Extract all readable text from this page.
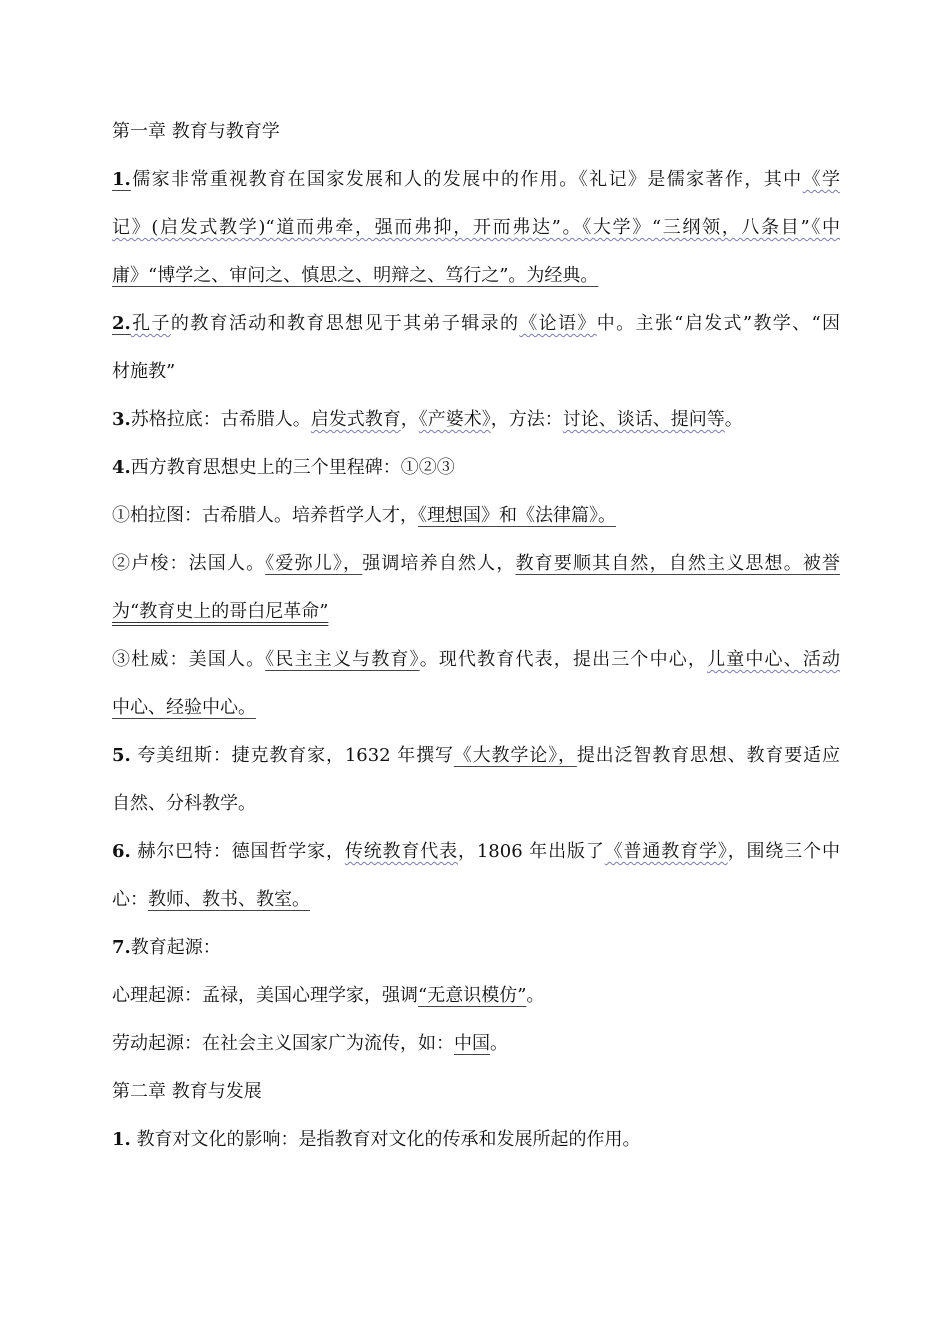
第一章 教育与教育学

1.儒家非常重视教育在国家发展和人的发展中的作用。《礼记》是儒家著作，其中《学

记》(启发式教学)“道而弗牵，强而弗抑，开而弗达”。《大学》“三纲领，八条目”《中

庸》“博学之、审问之、慎思之、明辩之、笃行之”。为经典。

2.孔子的教育活动和教育思想见于其弟子辑录的《论语》中。主张“启发式”教学、“因

材施教”

3.苏格拉底：古希腊人。启发式教育，《产婆术》，方法：讨论、谈话、提问等。

4.西方教育思想史上的三个里程碑：①②③

①柏拉图：古希腊人。培养哲学人才，《理想国》和《法律篇》。

②卢梭：法国人。《爱弥儿》，强调培养自然人，教育要顺其自然，自然主义思想。被誉

为“教育史上的哥白尼革命”

③杜威：美国人。《民主主义与教育》。现代教育代表，提出三个中心，儿童中心、活动

中心、经验中心。

5. 夸美纽斯：捷克教育家，1632 年撰写《大教学论》，提出泛智教育思想、教育要适应

自然、分科教学。

6. 赫尔巴特：德国哲学家，传统教育代表，1806 年出版了《普通教育学》，围绕三个中

心：教师、教书、教室。

7.教育起源：

心理起源：孟禄，美国心理学家，强调“无意识模仿”。

劳动起源：在社会主义国家广为流传，如：中国。

第二章 教育与发展

1. 教育对文化的影响：是指教育对文化的传承和发展所起的作用。
